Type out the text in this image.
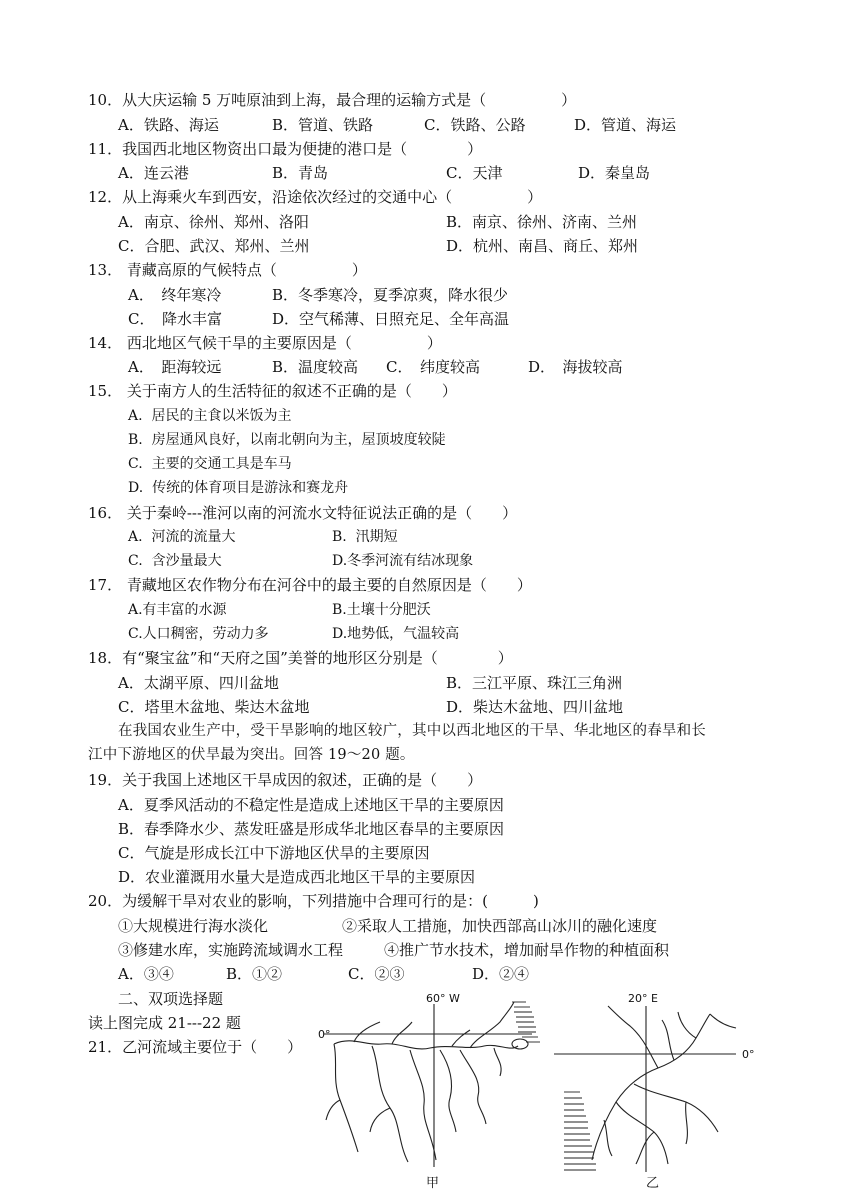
10．从大庆运输 5 万吨原油到上海，最合理的运输方式是（　　　　　）
A．铁路、海运	B．管道、铁路	C．铁路、公路	D．管道、海运
11．我国西北地区物资出口最为便捷的港口是（　　　　）
A．连云港	B．青岛	C．天津	D．秦皇岛
12．从上海乘火车到西安，沿途依次经过的交通中心（　　　　　）
A．南京、徐州、郑州、洛阳	B．南京、徐州、济南、兰州
C．合肥、武汉、郑州、兰州	D．杭州、南昌、商丘、郑州
13． 青藏高原的气候特点（　　　　　）
A．　终年寒冷	B．冬季寒冷，夏季凉爽，降水很少
C．　降水丰富	D．空气稀薄、日照充足、全年高温
14． 西北地区气候干旱的主要原因是（　　　　　）
A．　距海较远	B．温度较高 C．　纬度较高	D．　海拔较高
15． 关于南方人的生活特征的叙述不正确的是（　　）
A.  居民的主食以米饭为主
B.  房屋通风良好，以南北朝向为主，屋顶坡度较陡
C.  主要的交通工具是车马
D.  传统的体育项目是游泳和赛龙舟
16． 关于秦岭---淮河以南的河流水文特征说法正确的是（　　）
A.  河流的流量大	B.  汛期短
C.  含沙量最大	D.冬季河流有结冰现象
17． 青藏地区农作物分布在河谷中的最主要的自然原因是（　　）
A.有丰富的水源	B.土壤十分肥沃
C.人口稠密，劳动力多	D.地势低，气温较高
18．有“聚宝盆”和“天府之国”美誉的地形区分别是（　　　　）
A．太湖平原、四川盆地	B．三江平原、珠江三角洲
C．塔里木盆地、柴达木盆地	D．柴达木盆地、四川盆地
在我国农业生产中，受干旱影响的地区较广，其中以西北地区的干旱、华北地区的春旱和长
江中下游地区的伏旱最为突出。回答 19～20 题。
19．关于我国上述地区干旱成因的叙述，正确的是（　　）
A．夏季风活动的不稳定性是造成上述地区干旱的主要原因
B．春季降水少、蒸发旺盛是形成华北地区春旱的主要原因
C．气旋是形成长江中下游地区伏旱的主要原因
D．农业灌溉用水量大是造成西北地区干旱的主要原因
20．为缓解干旱对农业的影响，下列措施中合理可行的是：(　　　)
①大规模进行海水淡化	②采取人工措施，加快西部高山冰川的融化速度
③修建水库，实施跨流域调水工程	④推广节水技术，增加耐旱作物的种植面积
A．③④	B．①②	C．②③	D．②④
二、双项选择题
读上图完成 21---22 题
21．乙河流域主要位于（　　）
60° W
0°
甲
20° E
0°
乙
